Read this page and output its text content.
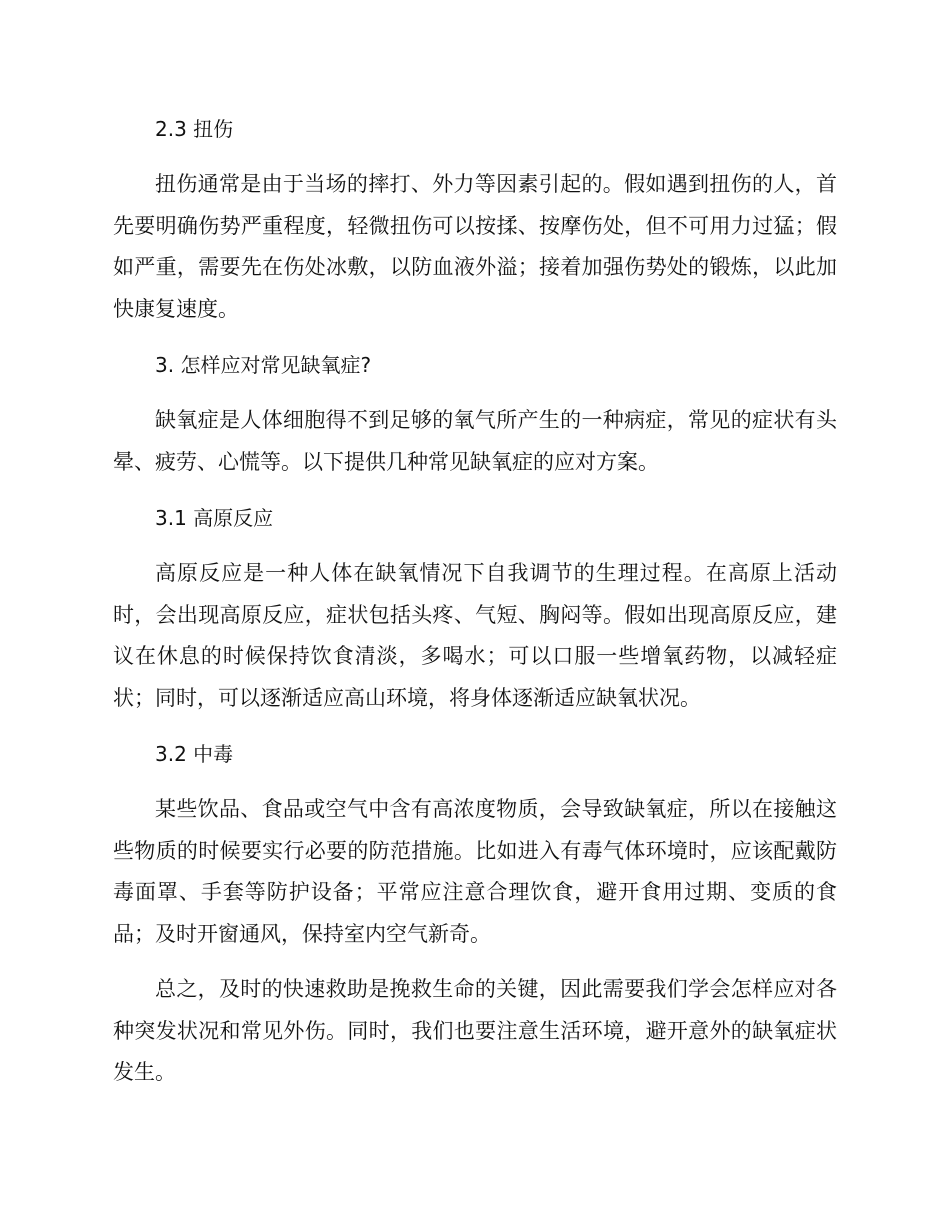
2.3 扭伤

扭伤通常是由于当场的摔打、外力等因素引起的。假如遇到扭伤的人，首先要明确伤势严重程度，轻微扭伤可以按揉、按摩伤处，但不可用力过猛；假如严重，需要先在伤处冰敷，以防血液外溢；接着加强伤势处的锻炼，以此加快康复速度。

3. 怎样应对常见缺氧症?

缺氧症是人体细胞得不到足够的氧气所产生的一种病症，常见的症状有头晕、疲劳、心慌等。以下提供几种常见缺氧症的应对方案。

3.1 高原反应

高原反应是一种人体在缺氧情况下自我调节的生理过程。在高原上活动时，会出现高原反应，症状包括头疼、气短、胸闷等。假如出现高原反应，建议在休息的时候保持饮食清淡，多喝水；可以口服一些增氧药物，以减轻症状；同时，可以逐渐适应高山环境，将身体逐渐适应缺氧状况。

3.2 中毒

某些饮品、食品或空气中含有高浓度物质，会导致缺氧症，所以在接触这些物质的时候要实行必要的防范措施。比如进入有毒气体环境时，应该配戴防毒面罩、手套等防护设备；平常应注意合理饮食，避开食用过期、变质的食品；及时开窗通风，保持室内空气新奇。

总之，及时的快速救助是挽救生命的关键，因此需要我们学会怎样应对各种突发状况和常见外伤。同时，我们也要注意生活环境，避开意外的缺氧症状发生。
